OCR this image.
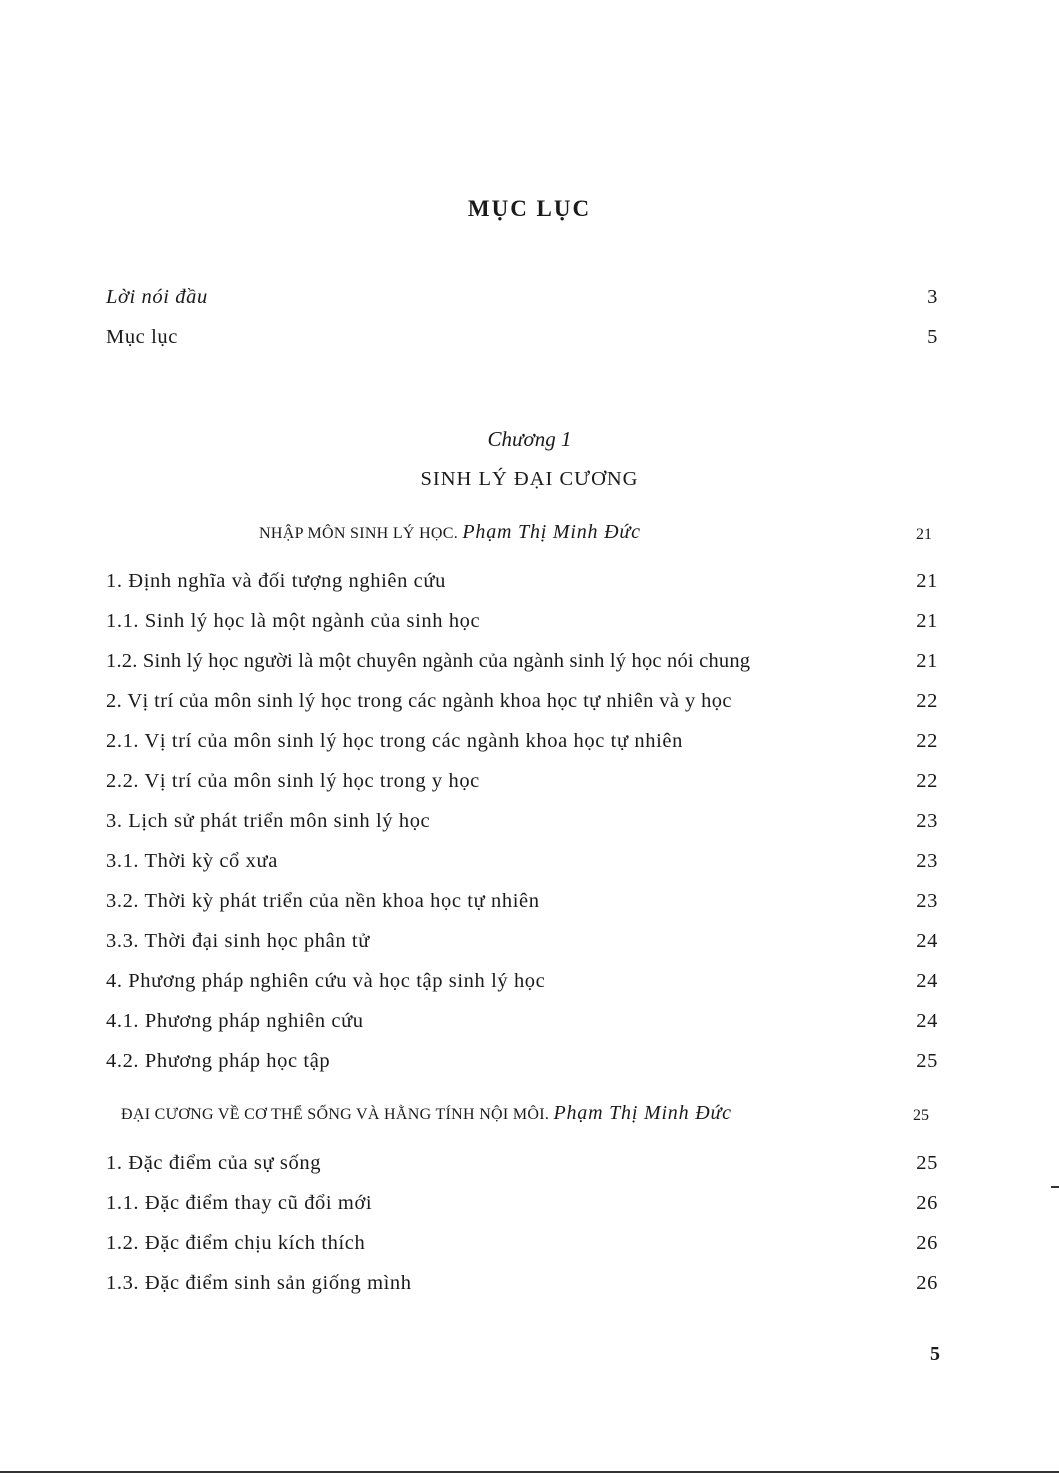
MỤC LỤC
Lời nói đầu	3
Mục lục	5
Chương 1
SINH LÝ ĐẠI CƯƠNG
NHẬP MÔN SINH LÝ HỌC. Phạm Thị Minh Đức	21
1. Định nghĩa và đối tượng nghiên cứu	21
1.1. Sinh lý học là một ngành của sinh học	21
1.2. Sinh lý học người là một chuyên ngành của ngành sinh lý học nói chung	21
2. Vị trí của môn sinh lý học trong các ngành khoa học tự nhiên và y học	22
2.1. Vị trí của môn sinh lý học trong các ngành khoa học tự nhiên	22
2.2. Vị trí của môn sinh lý học trong y học	22
3. Lịch sử phát triển môn sinh lý học	23
3.1. Thời kỳ cổ xưa	23
3.2. Thời kỳ phát triển của nền khoa học tự nhiên	23
3.3. Thời đại sinh học phân tử	24
4. Phương pháp nghiên cứu và học tập sinh lý học	24
4.1. Phương pháp nghiên cứu	24
4.2. Phương pháp học tập	25
ĐẠI CƯƠNG VỀ CƠ THỂ SỐNG VÀ HẰNG TÍNH NỘI MÔI. Phạm Thị Minh Đức	25
1. Đặc điểm của sự sống	25
1.1. Đặc điểm thay cũ đổi mới	26
1.2. Đặc điểm chịu kích thích	26
1.3. Đặc điểm sinh sản giống mình	26
5
